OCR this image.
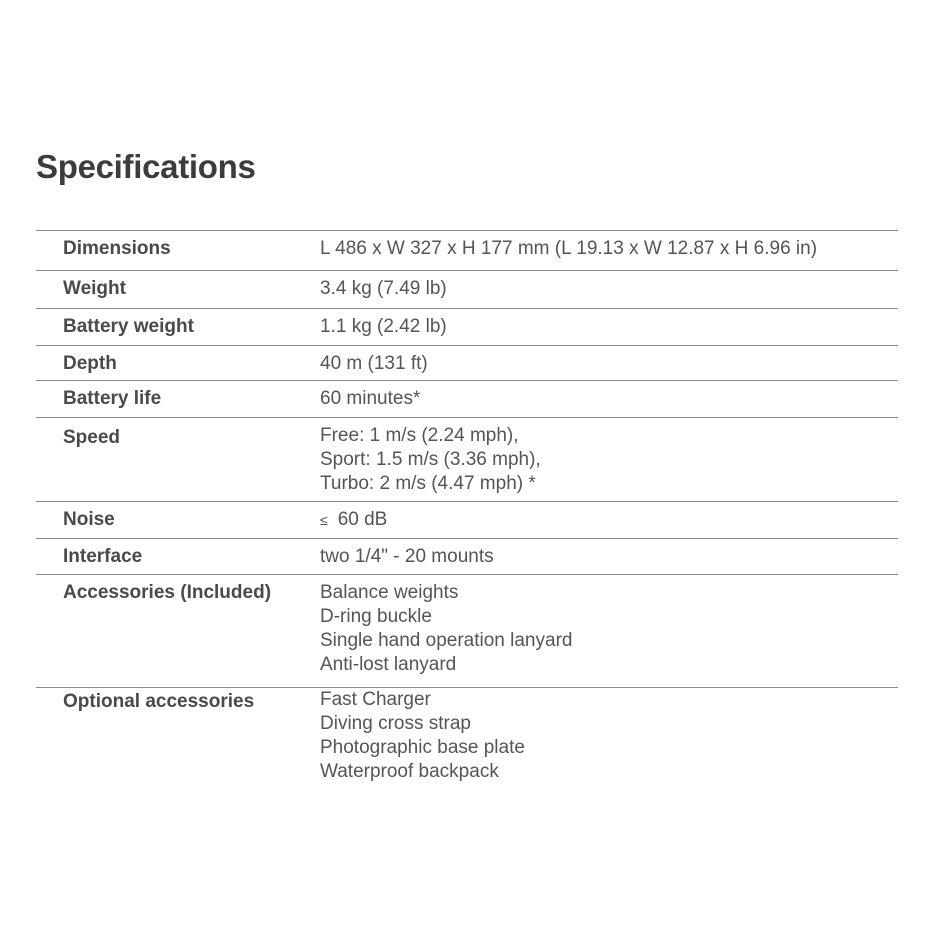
Specifications
Dimensions	L 486 x W 327 x H 177 mm (L 19.13 x W 12.87 x H 6.96 in)
Weight	3.4 kg (7.49 lb)
Battery weight	1.1 kg (2.42 lb)
Depth	40 m (131 ft)
Battery life	60 minutes*
Speed	Free: 1 m/s (2.24 mph),
Sport: 1.5 m/s (3.36 mph),
Turbo: 2 m/s (4.47 mph) *
Noise	≤ 60 dB
Interface	two 1/4" - 20 mounts
Accessories (Included)	Balance weights
D-ring buckle
Single hand operation lanyard
Anti-lost lanyard
Optional accessories	Fast Charger
Diving cross strap
Photographic base plate
Waterproof backpack
